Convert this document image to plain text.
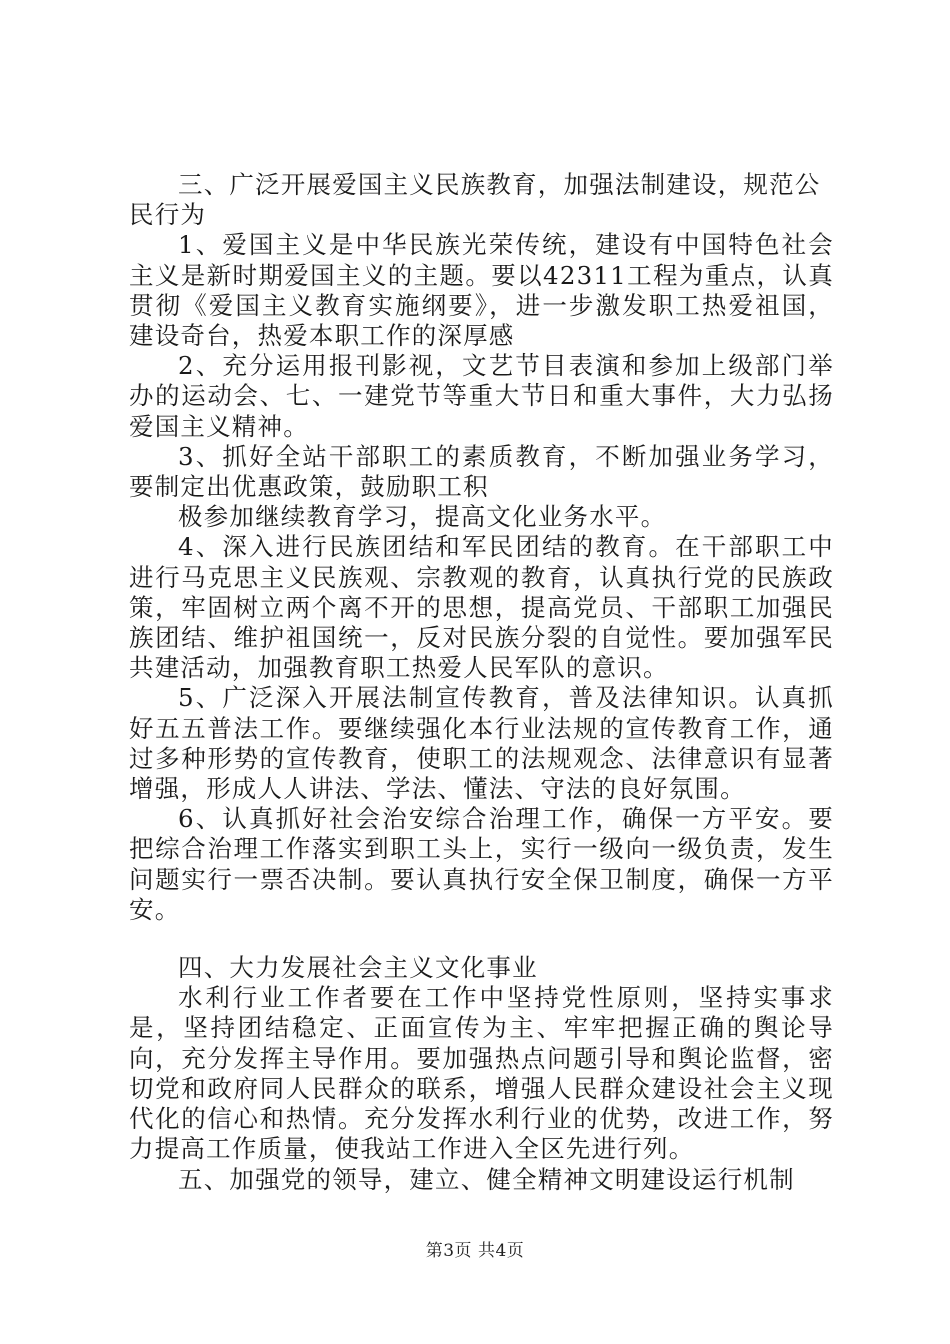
三、广泛开展爱国主义民族教育，加强法制建设，规范公民行为

1、爱国主义是中华民族光荣传统，建设有中国特色社会主义是新时期爱国主义的主题。要以42311工程为重点，认真贯彻《爱国主义教育实施纲要》，进一步激发职工热爱祖国，建设奇台，热爱本职工作的深厚感

2、充分运用报刊影视，文艺节目表演和参加上级部门举办的运动会、七、一建党节等重大节日和重大事件，大力弘扬爱国主义精神。

3、抓好全站干部职工的素质教育，不断加强业务学习，要制定出优惠政策，鼓励职工积

极参加继续教育学习，提高文化业务水平。

4、深入进行民族团结和军民团结的教育。在干部职工中进行马克思主义民族观、宗教观的教育，认真执行党的民族政策，牢固树立两个离不开的思想，提高党员、干部职工加强民族团结、维护祖国统一，反对民族分裂的自觉性。要加强军民共建活动，加强教育职工热爱人民军队的意识。

5、广泛深入开展法制宣传教育，普及法律知识。认真抓好五五普法工作。要继续强化本行业法规的宣传教育工作，通过多种形势的宣传教育，使职工的法规观念、法律意识有显著增强，形成人人讲法、学法、懂法、守法的良好氛围。

6、认真抓好社会治安综合治理工作，确保一方平安。要把综合治理工作落实到职工头上，实行一级向一级负责，发生问题实行一票否决制。要认真执行安全保卫制度，确保一方平安。

四、大力发展社会主义文化事业

水利行业工作者要在工作中坚持党性原则，坚持实事求是，坚持团结稳定、正面宣传为主、牢牢把握正确的舆论导向，充分发挥主导作用。要加强热点问题引导和舆论监督，密切党和政府同人民群众的联系，增强人民群众建设社会主义现代化的信心和热情。充分发挥水利行业的优势，改进工作，努力提高工作质量，使我站工作进入全区先进行列。

五、加强党的领导，建立、健全精神文明建设运行机制

第3页 共4页
